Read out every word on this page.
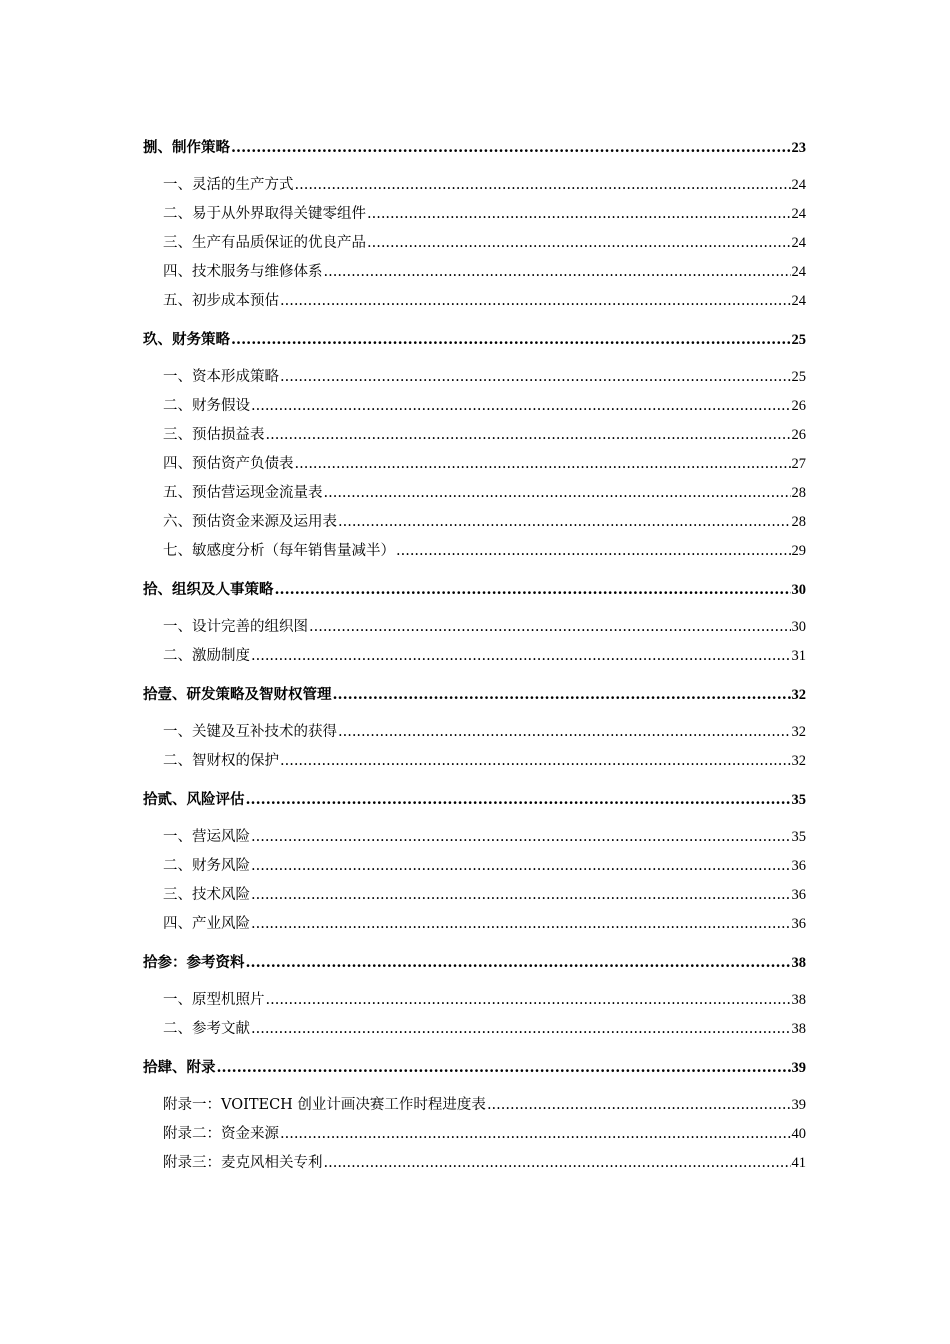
捌、制作策略 .....	23
一、灵活的生产方式 .....	24
二、易于从外界取得关键零组件 .....	24
三、生产有品质保证的优良产品 .....	24
四、技术服务与维修体系 .....	24
五、初步成本预估 .....	24
玖、财务策略 .....	25
一、资本形成策略 .....	25
二、财务假设 .....	26
三、预估损益表 .....	26
四、预估资产负债表 .....	27
五、预估营运现金流量表 .....	28
六、预估资金来源及运用表 .....	28
七、敏感度分析（每年销售量减半） .....	29
拾、组织及人事策略 .....	30
一、设计完善的组织图 .....	30
二、激励制度 .....	31
拾壹、研发策略及智财权管理 .....	32
一、关键及互补技术的获得 .....	32
二、智财权的保护 .....	32
拾贰、风险评估 .....	35
一、营运风险 .....	35
二、财务风险 .....	36
三、技术风险 .....	36
四、产业风险 .....	36
拾参：参考资料 .....	38
一、原型机照片 .....	38
二、参考文献 .....	38
拾肆、附录 .....	39
附录一：VOITECH 创业计画决赛工作时程进度表 .....	39
附录二：资金来源 .....	40
附录三：麦克风相关专利 .....	41
